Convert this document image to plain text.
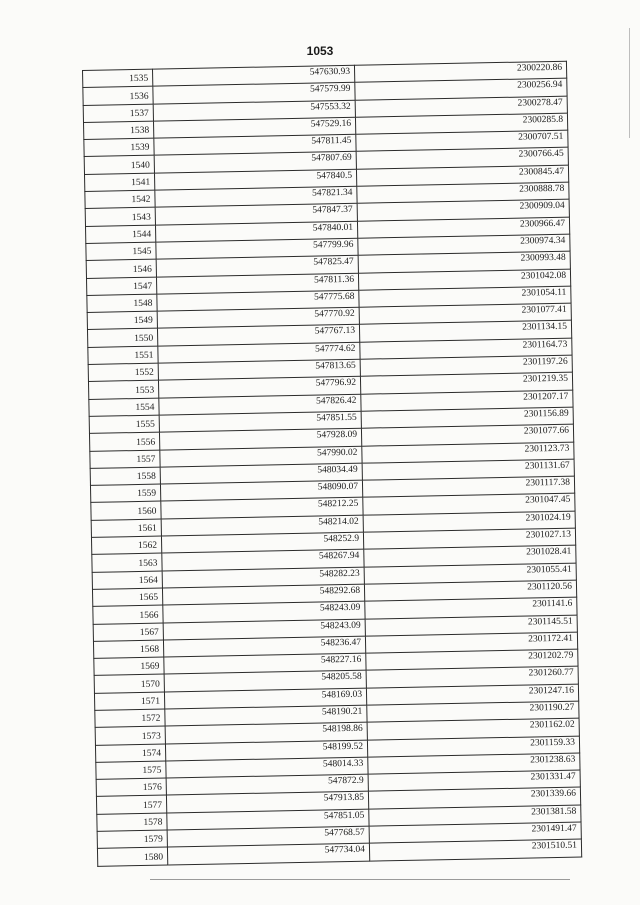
1053
1535	547630.93	2300220.86
1536	547579.99	2300256.94
1537	547553.32	2300278.47
1538	547529.16	2300285.8
1539	547811.45	2300707.51
1540	547807.69	2300766.45
1541	547840.5	2300845.47
1542	547821.34	2300888.78
1543	547847.37	2300909.04
1544	547840.01	2300966.47
1545	547799.96	2300974.34
1546	547825.47	2300993.48
1547	547811.36	2301042.08
1548	547775.68	2301054.11
1549	547770.92	2301077.41
1550	547767.13	2301134.15
1551	547774.62	2301164.73
1552	547813.65	2301197.26
1553	547796.92	2301219.35
1554	547826.42	2301207.17
1555	547851.55	2301156.89
1556	547928.09	2301077.66
1557	547990.02	2301123.73
1558	548034.49	2301131.67
1559	548090.07	2301117.38
1560	548212.25	2301047.45
1561	548214.02	2301024.19
1562	548252.9	2301027.13
1563	548267.94	2301028.41
1564	548282.23	2301055.41
1565	548292.68	2301120.56
1566	548243.09	2301141.6
1567	548243.09	2301145.51
1568	548236.47	2301172.41
1569	548227.16	2301202.79
1570	548205.58	2301260.77
1571	548169.03	2301247.16
1572	548190.21	2301190.27
1573	548198.86	2301162.02
1574	548199.52	2301159.33
1575	548014.33	2301238.63
1576	547872.9	2301331.47
1577	547913.85	2301339.66
1578	547851.05	2301381.58
1579	547768.57	2301491.47
1580	547734.04	2301510.51
